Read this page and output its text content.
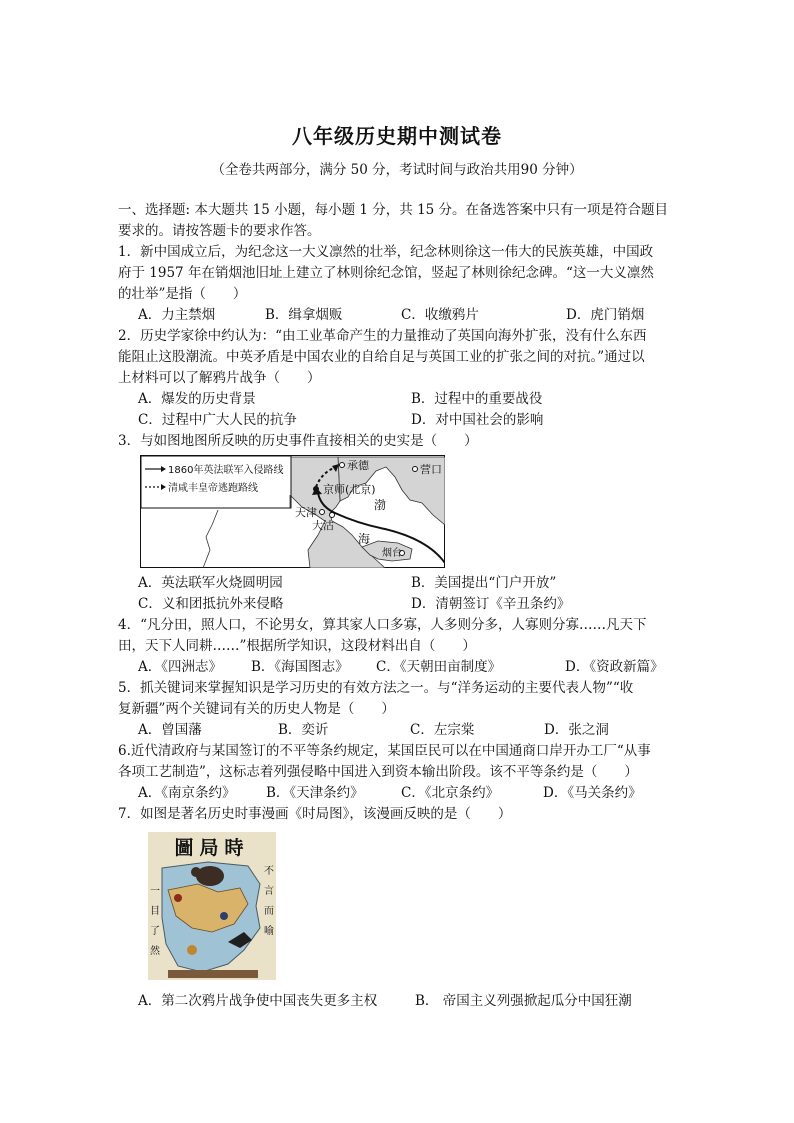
八年级历史期中测试卷
（全卷共两部分，满分 50 分，考试时间与政治共用90 分钟）
一、选择题: 本大题共 15 小题，每小题 1 分，共 15 分。在备选答案中只有一项是符合题目
要求的。请按答题卡的要求作答。
1．新中国成立后，为纪念这一大义凛然的壮举，纪念林则徐这一伟大的民族英雄，中国政
府于 1957 年在销烟池旧址上建立了林则徐纪念馆，竖起了林则徐纪念碑。“这一大义凛然
的壮举”是指（　　）
A．力主禁烟	B．缉拿烟贩	C．收缴鸦片	D．虎门销烟
2．历史学家徐中约认为：“由工业革命产生的力量推动了英国向海外扩张，没有什么东西
能阻止这股潮流。中英矛盾是中国农业的自给自足与英国工业的扩张之间的对抗。”通过以
上材料可以了解鸦片战争（　　）
A．爆发的历史背景	B．过程中的重要战役
C．过程中广大人民的抗争	D．对中国社会的影响
3．与如图地图所反映的历史事件直接相关的史实是（　　）
1860年英法联军入侵路线
清咸丰皇帝逃跑路线
承德
京师(北京)
天津
大沽
渤
海
营口
烟台
A．英法联军火烧圆明园	B．美国提出“门户开放”
C．义和团抵抗外来侵略	D．清朝签订《辛丑条约》
4．“凡分田，照人口，不论男女，算其家人口多寡，人多则分多，人寡则分寡……凡天下
田，天下人同耕……”根据所学知识，这段材料出自（　　）
A．《四洲志》 B．《海国图志》 C．《天朝田亩制度》	D．《资政新篇》
5．抓关键词来掌握知识是学习历史的有效方法之一。与“洋务运动的主要代表人物”“收
复新疆”两个关键词有关的历史人物是（　　）
A．曾国藩	B．奕䜣	C．左宗棠	D．张之洞
6.近代清政府与某国签订的不平等条约规定，某国臣民可以在中国通商口岸开办工厂“从事
各项工艺制造”，这标志着列强侵略中国进入到资本输出阶段。该不平等条约是（　　）
A．《南京条约》 B．《天津条约》	C．《北京条约》	D．《马关条约》
7．如图是著名历史时事漫画《时局图》，该漫画反映的是（　　）
圖局時
不言而喻
一目了然
A．第二次鸦片战争使中国丧失更多主权	B． 帝国主义列强掀起瓜分中国狂潮
